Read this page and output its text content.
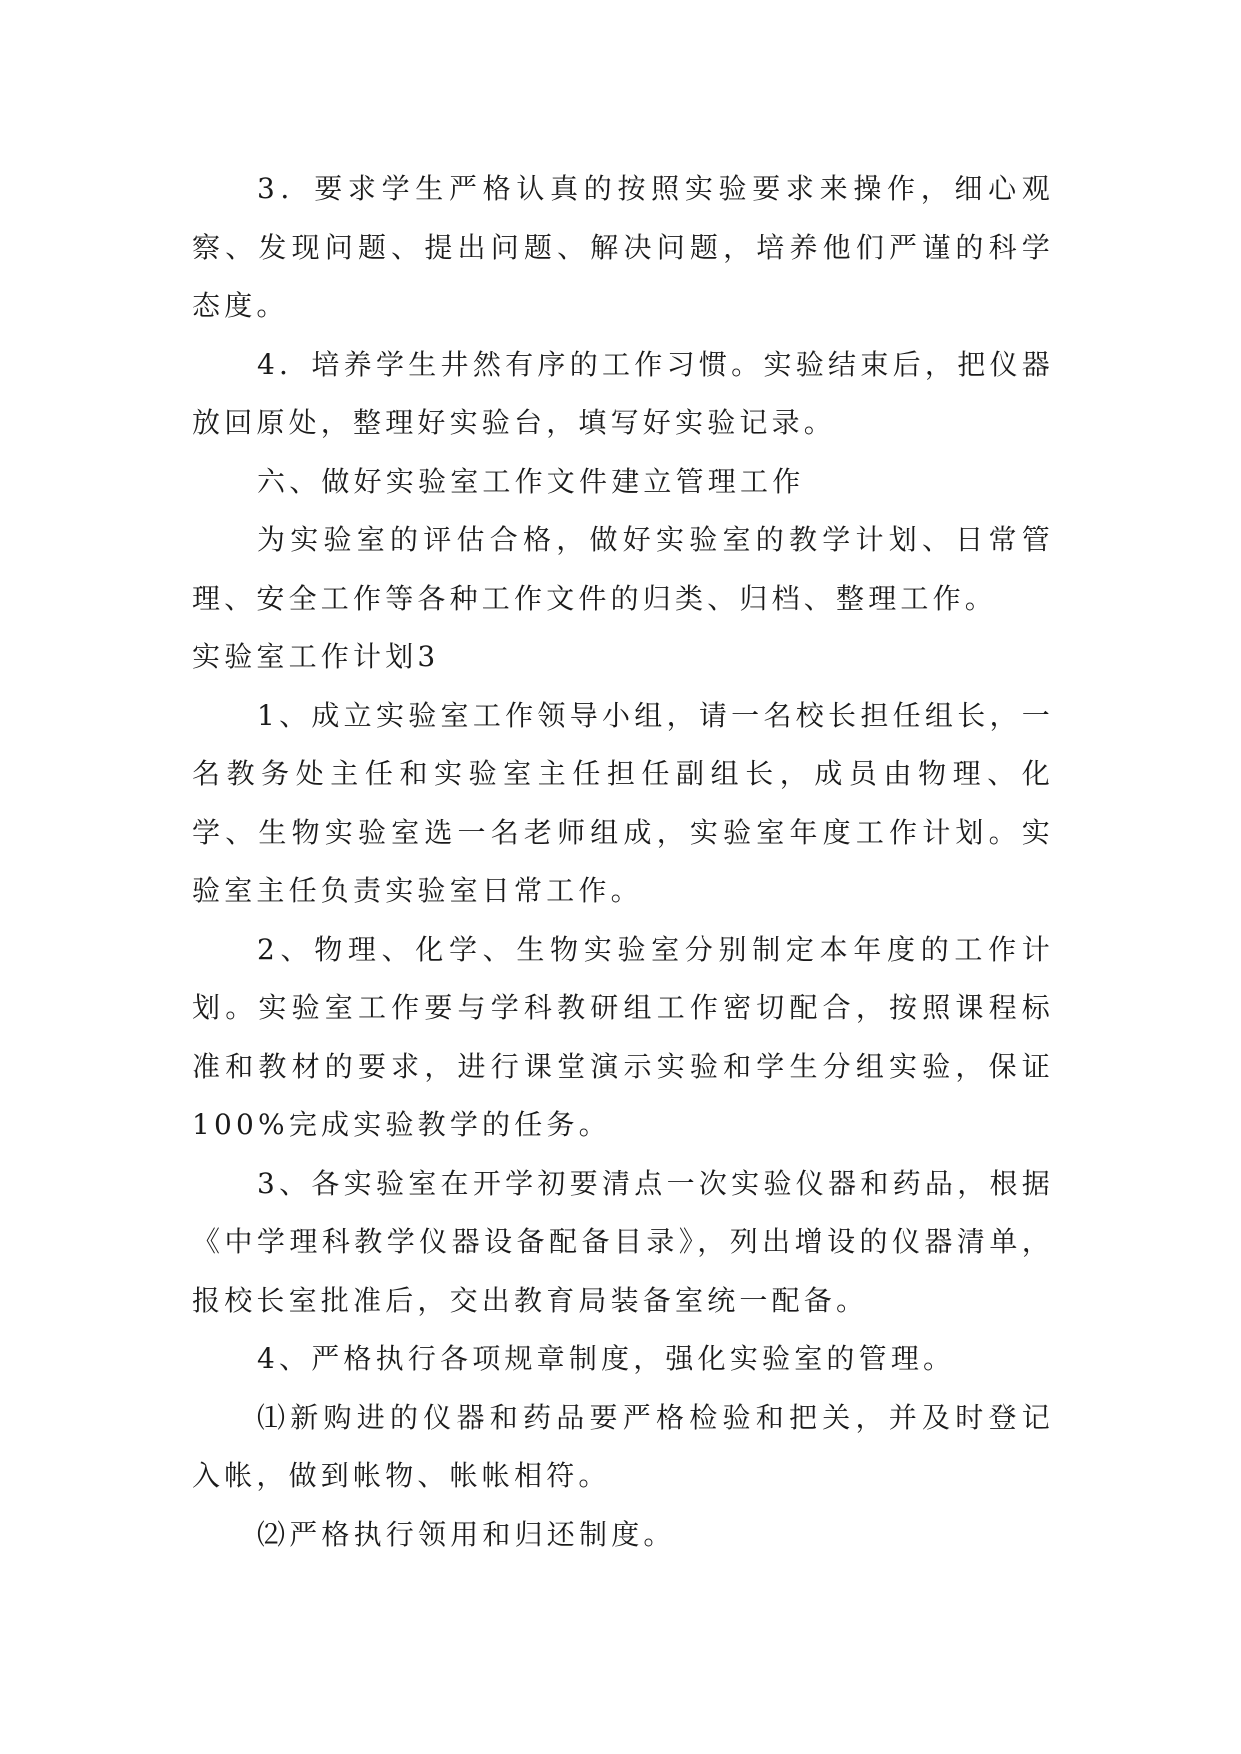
3．要求学生严格认真的按照实验要求来操作，细心观察、发现问题、提出问题、解决问题，培养他们严谨的科学态度。

4．培养学生井然有序的工作习惯。实验结束后，把仪器放回原处，整理好实验台，填写好实验记录。

六、做好实验室工作文件建立管理工作

为实验室的评估合格，做好实验室的教学计划、日常管理、安全工作等各种工作文件的归类、归档、整理工作。

实验室工作计划3

1、成立实验室工作领导小组，请一名校长担任组长，一名教务处主任和实验室主任担任副组长，成员由物理、化学、生物实验室选一名老师组成，实验室年度工作计划。实验室主任负责实验室日常工作。

2、物理、化学、生物实验室分别制定本年度的工作计划。实验室工作要与学科教研组工作密切配合，按照课程标准和教材的要求，进行课堂演示实验和学生分组实验，保证100%完成实验教学的任务。

3、各实验室在开学初要清点一次实验仪器和药品，根据《中学理科教学仪器设备配备目录》，列出增设的仪器清单，报校长室批准后，交出教育局装备室统一配备。

4、严格执行各项规章制度，强化实验室的管理。

⑴新购进的仪器和药品要严格检验和把关，并及时登记入帐，做到帐物、帐帐相符。

⑵严格执行领用和归还制度。
